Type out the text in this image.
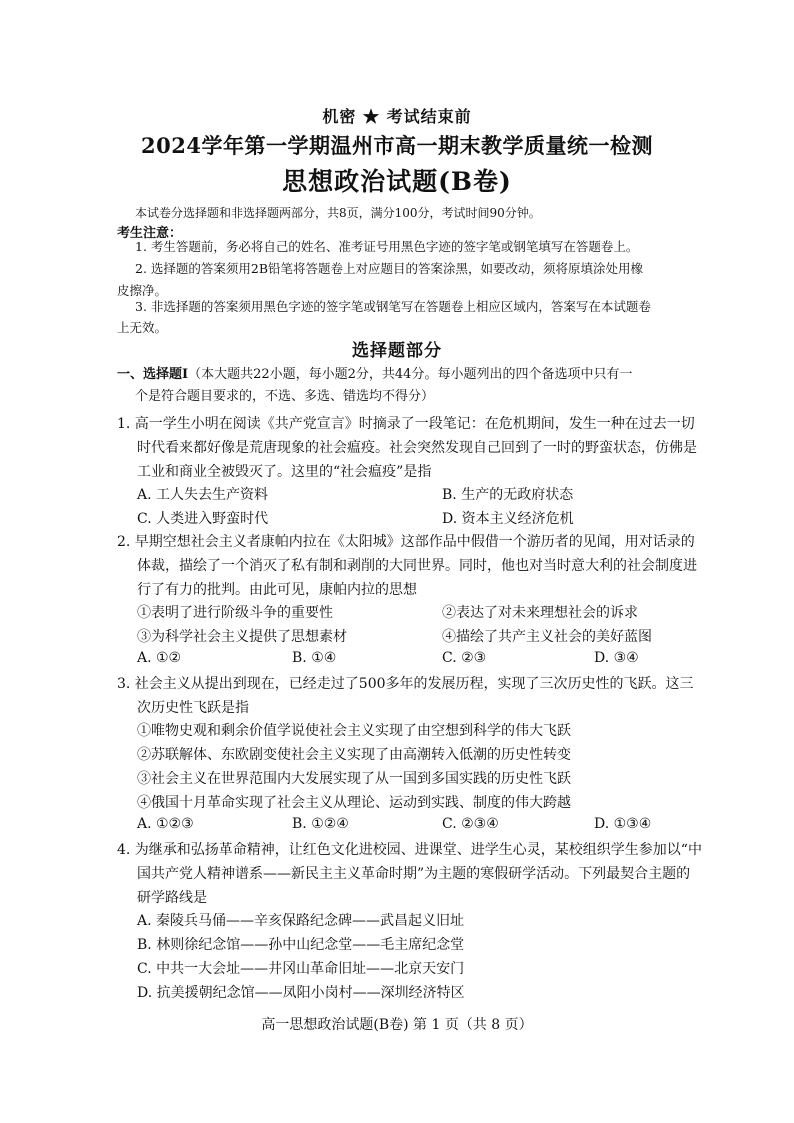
机密 ★ 考试结束前
2024学年第一学期温州市高一期末教学质量统一检测
思想政治试题(B卷)
本试卷分选择题和非选择题两部分，共8页，满分100分，考试时间90分钟。
考生注意：
1. 考生答题前，务必将自己的姓名、准考证号用黑色字迹的签字笔或钢笔填写在答题卷上。
2. 选择题的答案须用2B铅笔将答题卷上对应题目的答案涂黑，如要改动，须将原填涂处用橡
皮擦净。
3. 非选择题的答案须用黑色字迹的签字笔或钢笔写在答题卷上相应区域内，答案写在本试题卷
上无效。
选择题部分
一、选择题Ⅰ（本大题共22小题，每小题2分，共44分。每小题列出的四个备选项中只有一
个是符合题目要求的，不选、多选、错选均不得分）
1. 高一学生小明在阅读《共产党宣言》时摘录了一段笔记：在危机期间，发生一种在过去一切
时代看来都好像是荒唐现象的社会瘟疫。社会突然发现自己回到了一时的野蛮状态，仿佛是
工业和商业全被毁灭了。这里的“社会瘟疫”是指
A. 工人失去生产资料	B. 生产的无政府状态
C. 人类进入野蛮时代	D. 资本主义经济危机
2. 早期空想社会主义者康帕内拉在《太阳城》这部作品中假借一个游历者的见闻，用对话录的
体裁，描绘了一个消灭了私有制和剥削的大同世界。同时，他也对当时意大利的社会制度进
行了有力的批判。由此可见，康帕内拉的思想
①表明了进行阶级斗争的重要性	②表达了对未来理想社会的诉求
③为科学社会主义提供了思想素材	④描绘了共产主义社会的美好蓝图
A. ①②	B. ①④	C. ②③	D. ③④
3. 社会主义从提出到现在，已经走过了500多年的发展历程，实现了三次历史性的飞跃。这三
次历史性飞跃是指
①唯物史观和剩余价值学说使社会主义实现了由空想到科学的伟大飞跃
②苏联解体、东欧剧变使社会主义实现了由高潮转入低潮的历史性转变
③社会主义在世界范围内大发展实现了从一国到多国实践的历史性飞跃
④俄国十月革命实现了社会主义从理论、运动到实践、制度的伟大跨越
A. ①②③	B. ①②④	C. ②③④	D. ①③④
4. 为继承和弘扬革命精神，让红色文化进校园、进课堂、进学生心灵，某校组织学生参加以“中
国共产党人精神谱系——新民主主义革命时期”为主题的寒假研学活动。下列最契合主题的
研学路线是
A. 秦陵兵马俑——辛亥保路纪念碑——武昌起义旧址
B. 林则徐纪念馆——孙中山纪念堂——毛主席纪念堂
C. 中共一大会址——井冈山革命旧址——北京天安门
D. 抗美援朝纪念馆——凤阳小岗村——深圳经济特区
高一思想政治试题(B卷) 第 1 页（共 8 页）
